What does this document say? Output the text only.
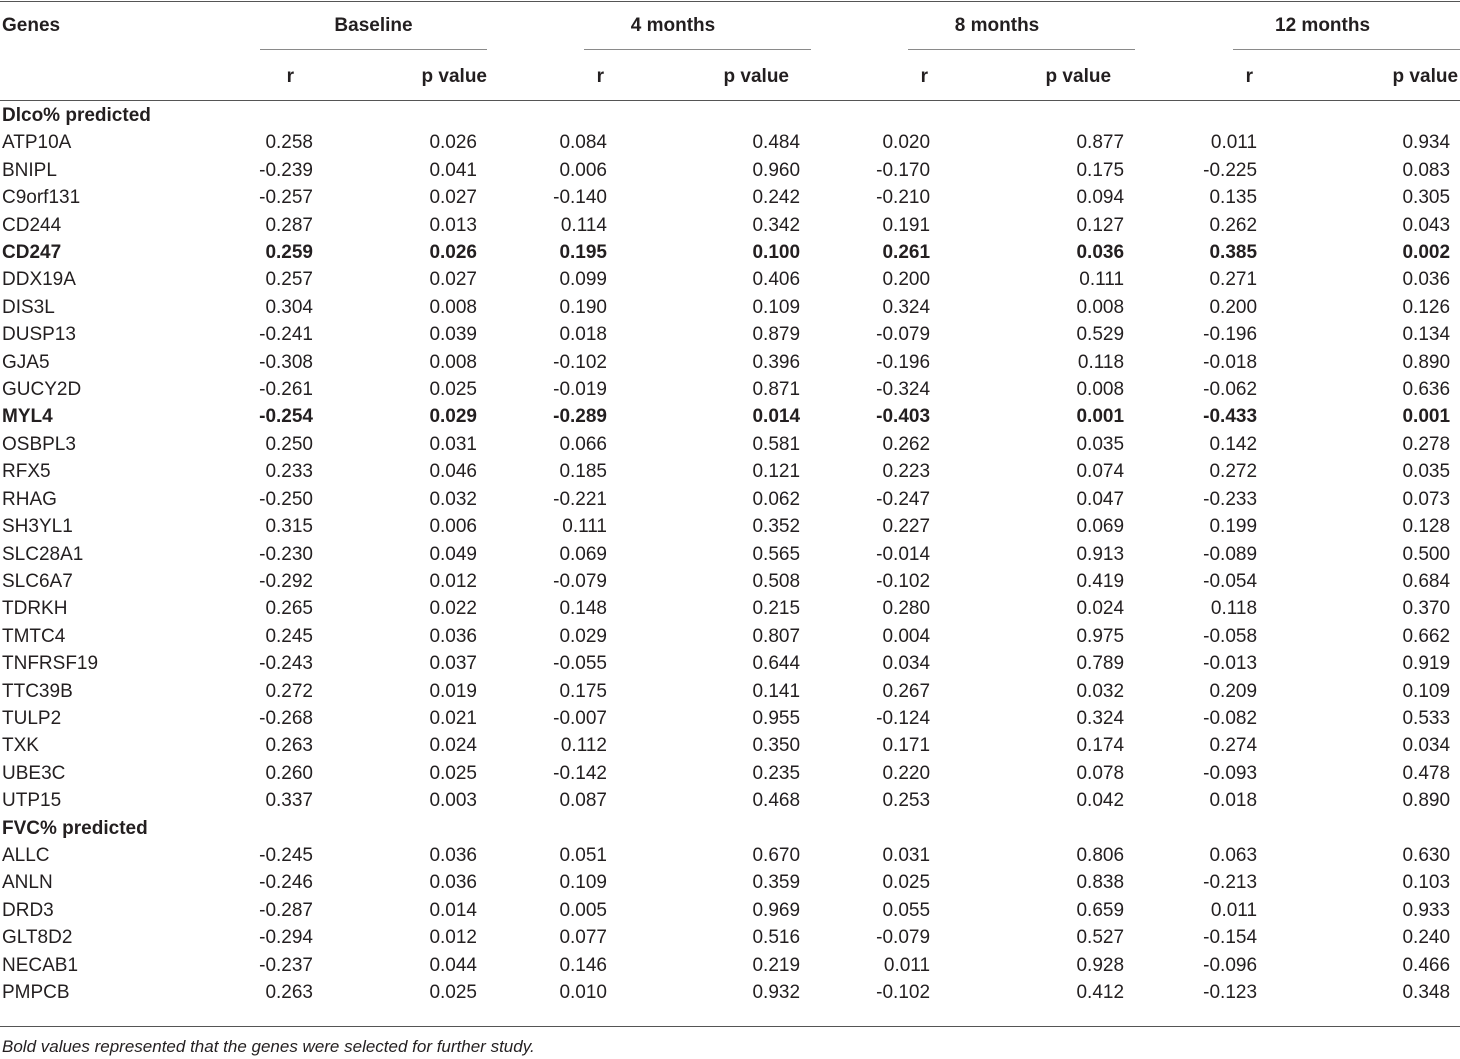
Genes	Baseline		4 months		8 months		12 months	
	r	p value	r	p value	r	p value	r	p value
Dlco% predicted								
ATP10A	0.258	0.026	0.084	0.484	0.020	0.877	0.011	0.934
BNIPL	-0.239	0.041	0.006	0.960	-0.170	0.175	-0.225	0.083
C9orf131	-0.257	0.027	-0.140	0.242	-0.210	0.094	0.135	0.305
CD244	0.287	0.013	0.114	0.342	0.191	0.127	0.262	0.043
CD247	0.259	0.026	0.195	0.100	0.261	0.036	0.385	0.002
DDX19A	0.257	0.027	0.099	0.406	0.200	0.111	0.271	0.036
DIS3L	0.304	0.008	0.190	0.109	0.324	0.008	0.200	0.126
DUSP13	-0.241	0.039	0.018	0.879	-0.079	0.529	-0.196	0.134
GJA5	-0.308	0.008	-0.102	0.396	-0.196	0.118	-0.018	0.890
GUCY2D	-0.261	0.025	-0.019	0.871	-0.324	0.008	-0.062	0.636
MYL4	-0.254	0.029	-0.289	0.014	-0.403	0.001	-0.433	0.001
OSBPL3	0.250	0.031	0.066	0.581	0.262	0.035	0.142	0.278
RFX5	0.233	0.046	0.185	0.121	0.223	0.074	0.272	0.035
RHAG	-0.250	0.032	-0.221	0.062	-0.247	0.047	-0.233	0.073
SH3YL1	0.315	0.006	0.111	0.352	0.227	0.069	0.199	0.128
SLC28A1	-0.230	0.049	0.069	0.565	-0.014	0.913	-0.089	0.500
SLC6A7	-0.292	0.012	-0.079	0.508	-0.102	0.419	-0.054	0.684
TDRKH	0.265	0.022	0.148	0.215	0.280	0.024	0.118	0.370
TMTC4	0.245	0.036	0.029	0.807	0.004	0.975	-0.058	0.662
TNFRSF19	-0.243	0.037	-0.055	0.644	0.034	0.789	-0.013	0.919
TTC39B	0.272	0.019	0.175	0.141	0.267	0.032	0.209	0.109
TULP2	-0.268	0.021	-0.007	0.955	-0.124	0.324	-0.082	0.533
TXK	0.263	0.024	0.112	0.350	0.171	0.174	0.274	0.034
UBE3C	0.260	0.025	-0.142	0.235	0.220	0.078	-0.093	0.478
UTP15	0.337	0.003	0.087	0.468	0.253	0.042	0.018	0.890
FVC% predicted								
ALLC	-0.245	0.036	0.051	0.670	0.031	0.806	0.063	0.630
ANLN	-0.246	0.036	0.109	0.359	0.025	0.838	-0.213	0.103
DRD3	-0.287	0.014	0.005	0.969	0.055	0.659	0.011	0.933
GLT8D2	-0.294	0.012	0.077	0.516	-0.079	0.527	-0.154	0.240
NECAB1	-0.237	0.044	0.146	0.219	0.011	0.928	-0.096	0.466
PMPCB	0.263	0.025	0.010	0.932	-0.102	0.412	-0.123	0.348
Bold values represented that the genes were selected for further study.
